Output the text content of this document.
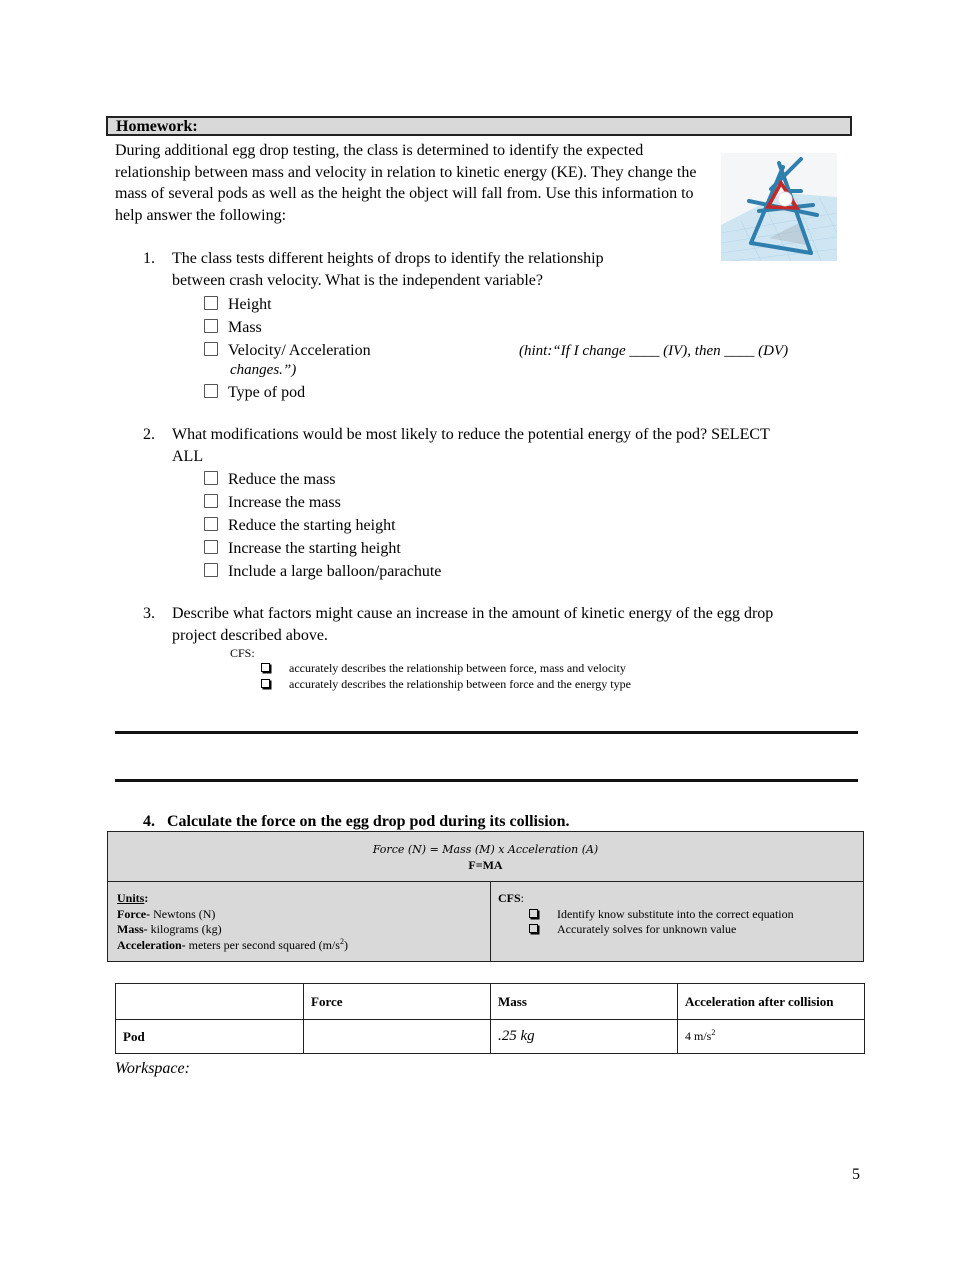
Homework:
During additional egg drop testing, the class is determined to identify the expected relationship between mass and velocity in relation to kinetic energy (KE). They change the mass of several pods as well as the height the object will fall from. Use this information to help answer the following:
1. The class tests different heights of drops to identify the relationship
between crash velocity. What is the independent variable?
Height
Mass
Velocity/ Acceleration	(hint:“If I change ____ (IV), then ____ (DV)
changes.”)
Type of pod
2. What modifications would be most likely to reduce the potential energy of the pod? SELECT
ALL
Reduce the mass
Increase the mass
Reduce the starting height
Increase the starting height
Include a large balloon/parachute
3. Describe what factors might cause an increase in the amount of kinetic energy of the egg drop
project described above.
CFS:
accurately describes the relationship between force, mass and velocity
accurately describes the relationship between force and the energy type
4. Calculate the force on the egg drop pod during its collision.
Force (N) = Mass (M) x Acceleration (A)
F=MA
Units:
Force- Newtons (N)
Mass- kilograms (kg)
Acceleration- meters per second squared $(m/s^2)$
CFS:
Identify know substitute into the correct equation
Accurately solves for unknown value
	Force	Mass	Acceleration after collision
Pod		.25 kg	4 $m/s^2$
Workspace:
5
